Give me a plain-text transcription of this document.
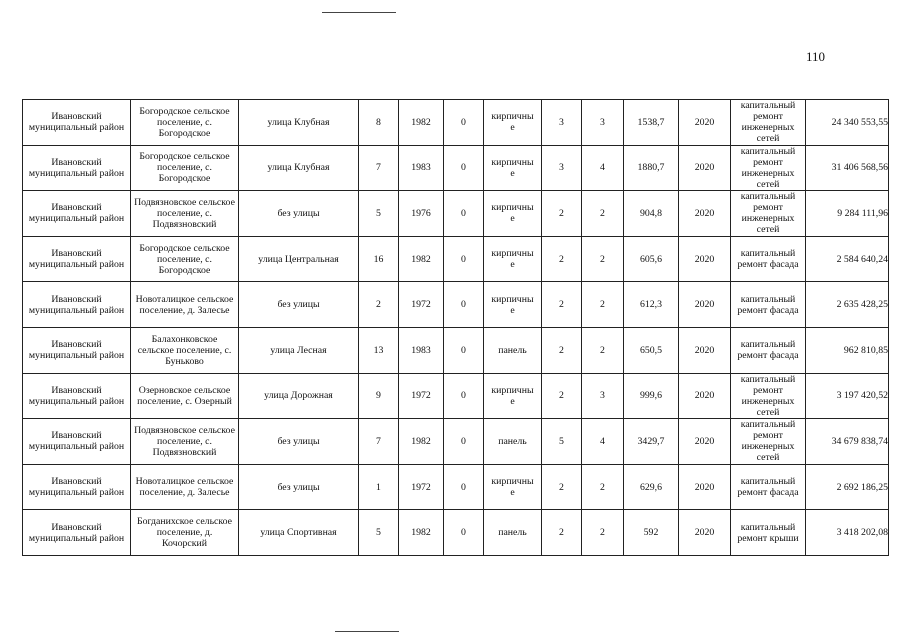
110
Ивановский муниципальный район	Богородское сельское поселение, с. Богородское	улица Клубная	8	1982	0	кирпичные	3	3	1538,7	2020	капитальный ремонт инженерных сетей	24 340 553,55
Ивановский муниципальный район	Богородское сельское поселение, с. Богородское	улица Клубная	7	1983	0	кирпичные	3	4	1880,7	2020	капитальный ремонт инженерных сетей	31 406 568,56
Ивановский муниципальный район	Подвязновское сельское поселение, с. Подвязновский	без улицы	5	1976	0	кирпичные	2	2	904,8	2020	капитальный ремонт инженерных сетей	9 284 111,96
Ивановский муниципальный район	Богородское сельское поселение, с. Богородское	улица Центральная	16	1982	0	кирпичные	2	2	605,6	2020	капитальный ремонт фасада	2 584 640,24
Ивановский муниципальный район	Новоталицкое сельское поселение, д. Залесье	без улицы	2	1972	0	кирпичные	2	2	612,3	2020	капитальный ремонт фасада	2 635 428,25
Ивановский муниципальный район	Балахонковское сельское поселение, с. Буньково	улица Лесная	13	1983	0	панель	2	2	650,5	2020	капитальный ремонт фасада	962 810,85
Ивановский муниципальный район	Озерновское сельское поселение, с. Озерный	улица Дорожная	9	1972	0	кирпичные	2	3	999,6	2020	капитальный ремонт инженерных сетей	3 197 420,52
Ивановский муниципальный район	Подвязновское сельское поселение, с. Подвязновский	без улицы	7	1982	0	панель	5	4	3429,7	2020	капитальный ремонт инженерных сетей	34 679 838,74
Ивановский муниципальный район	Новоталицкое сельское поселение, д. Залесье	без улицы	1	1972	0	кирпичные	2	2	629,6	2020	капитальный ремонт фасада	2 692 186,25
Ивановский муниципальный район	Богданихское сельское поселение, д. Кочорский	улица Спортивная	5	1982	0	панель	2	2	592	2020	капитальный ремонт крыши	3 418 202,08
